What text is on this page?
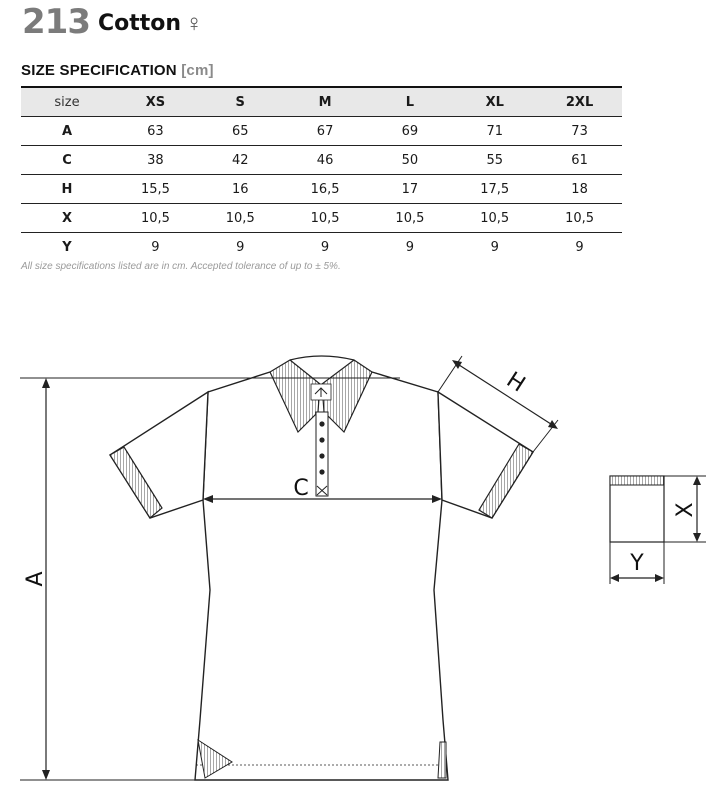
213 Cotton ♀
SIZE SPECIFICATION [cm]
size	XS	S	M	L	XL	2XL
A	63	65	67	69	71	73
C	38	42	46	50	55	61
H	15,5	16	16,5	17	17,5	18
X	10,5	10,5	10,5	10,5	10,5	10,5
Y	9	9	9	9	9	9
All size specifications listed are in cm. Accepted tolerance of up to ± 5%.
A
C
H
X
Y
